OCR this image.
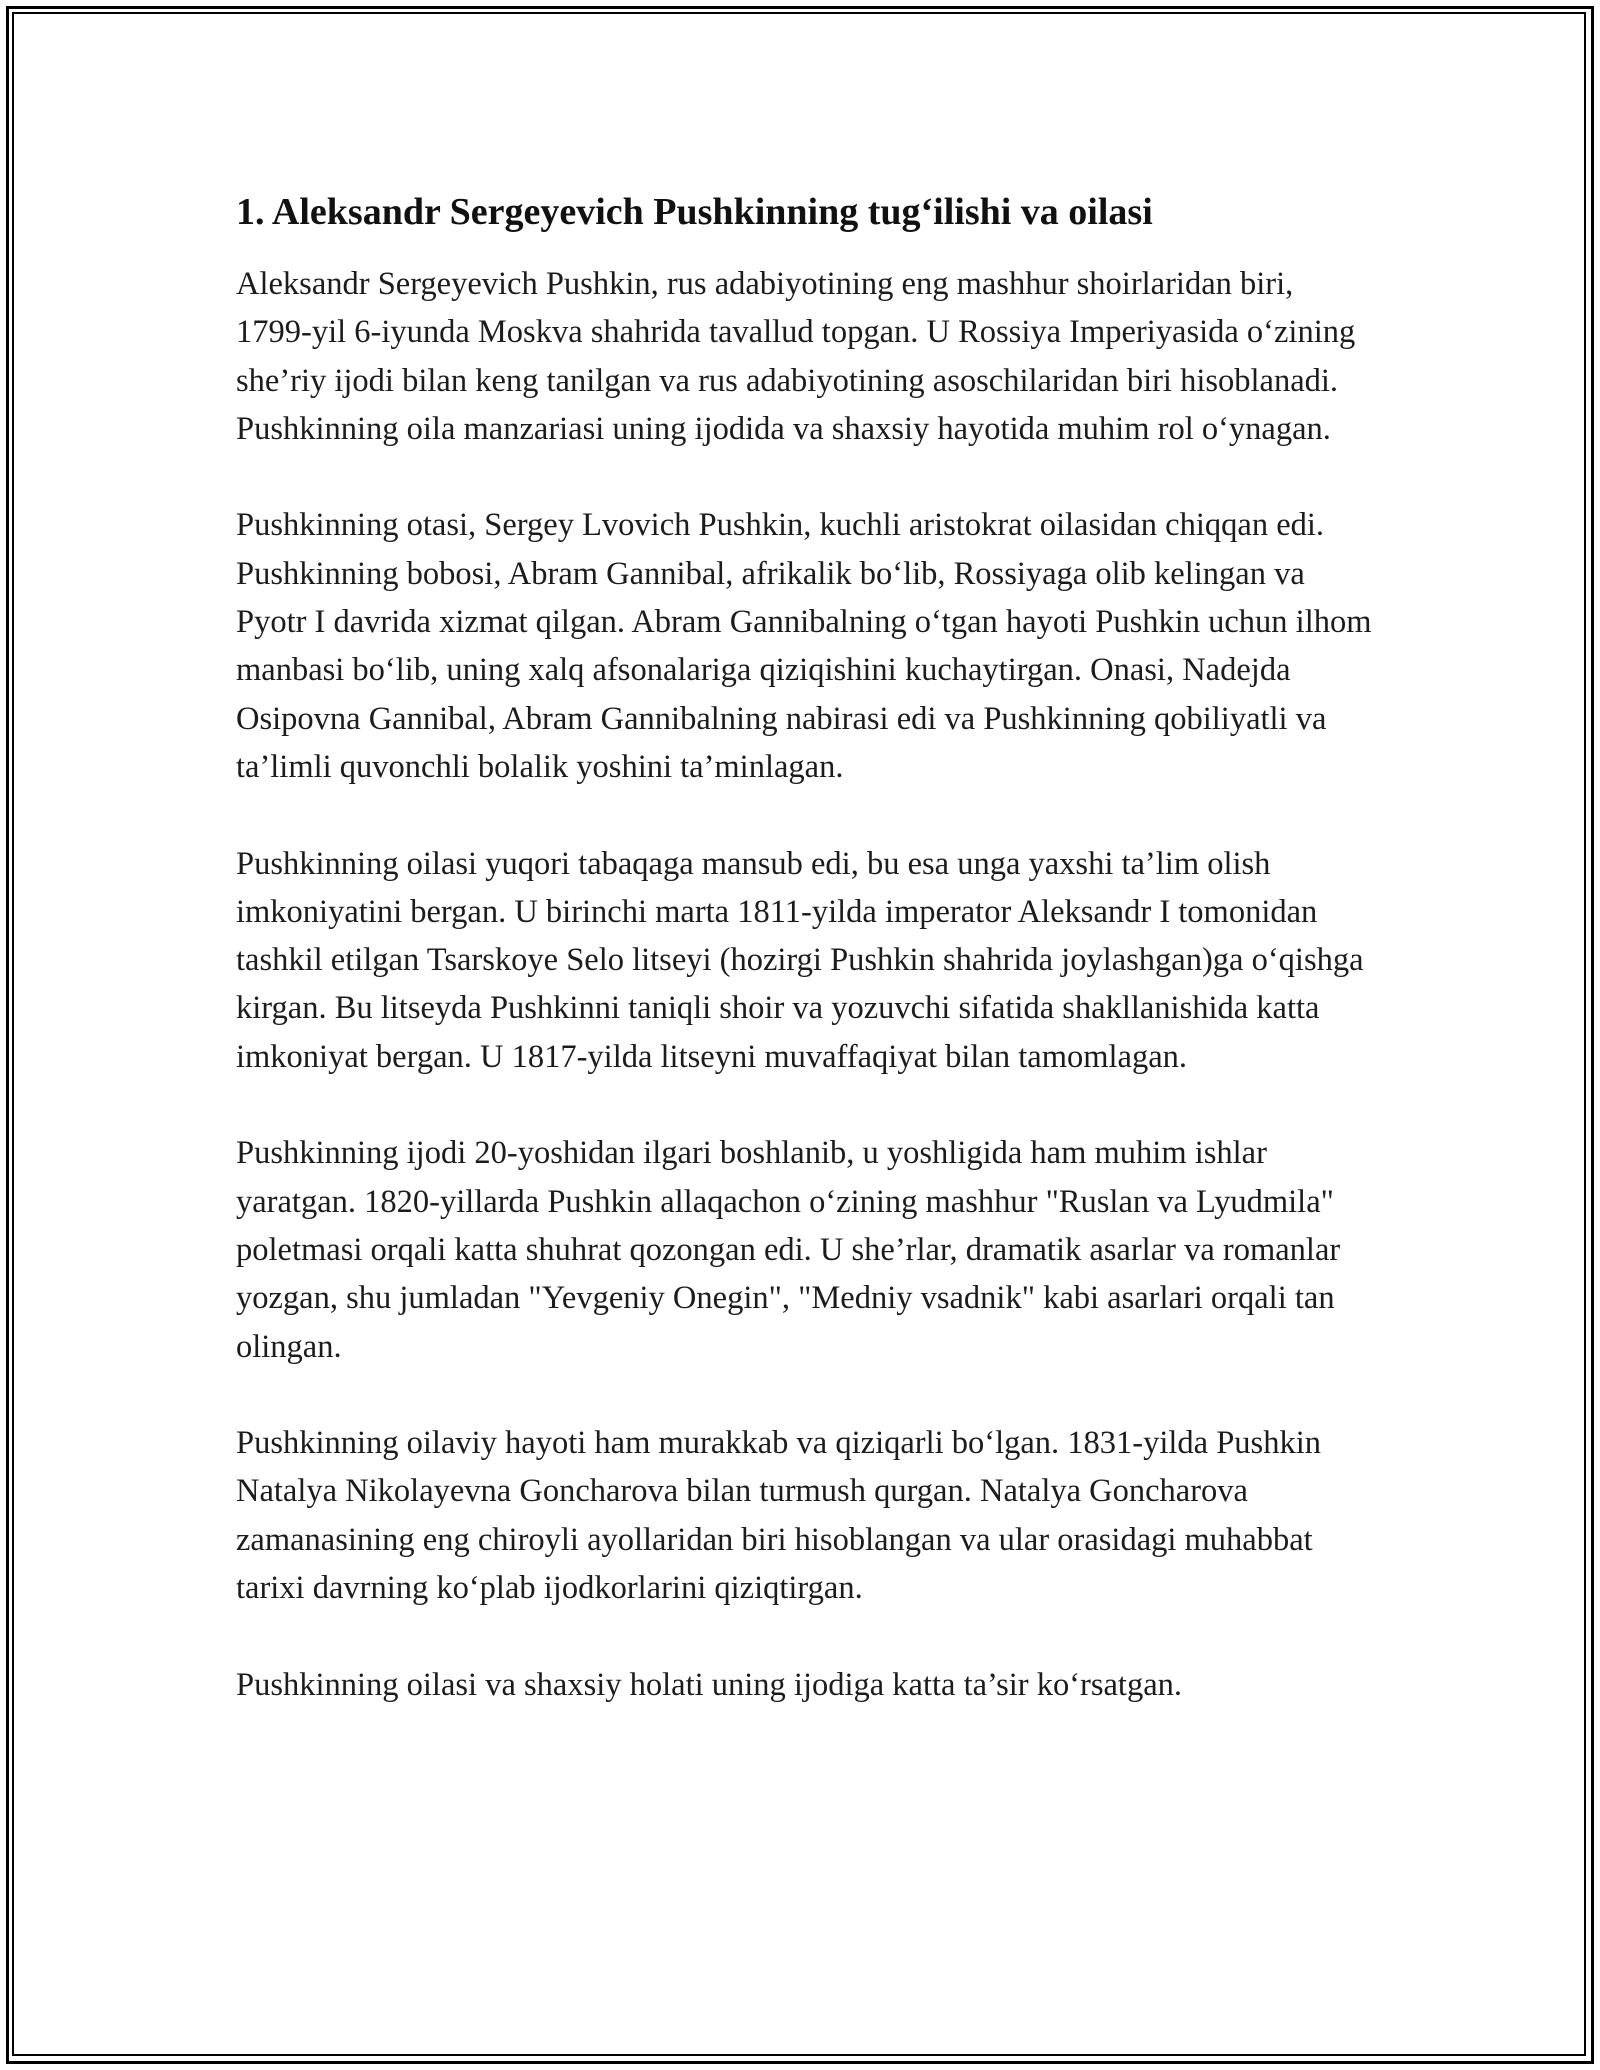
1. Aleksandr Sergeyevich Pushkinning tug‘ilishi va oilasi

Aleksandr Sergeyevich Pushkin, rus adabiyotining eng mashhur shoirlaridan biri, 1799-yil 6-iyunda Moskva shahrida tavallud topgan. U Rossiya Imperiyasida o‘zining she’riy ijodi bilan keng tanilgan va rus adabiyotining asoschilaridan biri hisoblanadi. Pushkinning oila manzariasi uning ijodida va shaxsiy hayotida muhim rol o‘ynagan.

Pushkinning otasi, Sergey Lvovich Pushkin, kuchli aristokrat oilasidan chiqqan edi. Pushkinning bobosi, Abram Gannibal, afrikalik bo‘lib, Rossiyaga olib kelingan va Pyotr I davrida xizmat qilgan. Abram Gannibalning o‘tgan hayoti Pushkin uchun ilhom manbasi bo‘lib, uning xalq afsonalariga qiziqishini kuchaytirgan. Onasi, Nadejda Osipovna Gannibal, Abram Gannibalning nabirasi edi va Pushkinning qobiliyatli va ta’limli quvonchli bolalik yoshini ta’minlagan.

Pushkinning oilasi yuqori tabaqaga mansub edi, bu esa unga yaxshi ta’lim olish imkoniyatini bergan. U birinchi marta 1811-yilda imperator Aleksandr I tomonidan tashkil etilgan Tsarskoye Selo litseyi (hozirgi Pushkin shahrida joylashgan)ga o‘qishga kirgan. Bu litseyda Pushkinni taniqli shoir va yozuvchi sifatida shakllanishida katta imkoniyat bergan. U 1817-yilda litseyni muvaffaqiyat bilan tamomlagan.

Pushkinning ijodi 20-yoshidan ilgari boshlanib, u yoshligida ham muhim ishlar yaratgan. 1820-yillarda Pushkin allaqachon o‘zining mashhur "Ruslan va Lyudmila" poletmasi orqali katta shuhrat qozongan edi. U she’rlar, dramatik asarlar va romanlar yozgan, shu jumladan "Yevgeniy Onegin", "Medniy vsadnik" kabi asarlari orqali tan olingan.

Pushkinning oilaviy hayoti ham murakkab va qiziqarli bo‘lgan. 1831-yilda Pushkin Natalya Nikolayevna Goncharova bilan turmush qurgan. Natalya Goncharova zamanasining eng chiroyli ayollaridan biri hisoblangan va ular orasidagi muhabbat tarixi davrning ko‘plab ijodkorlarini qiziqtirgan.

Pushkinning oilasi va shaxsiy holati uning ijodiga katta ta’sir ko‘rsatgan.
